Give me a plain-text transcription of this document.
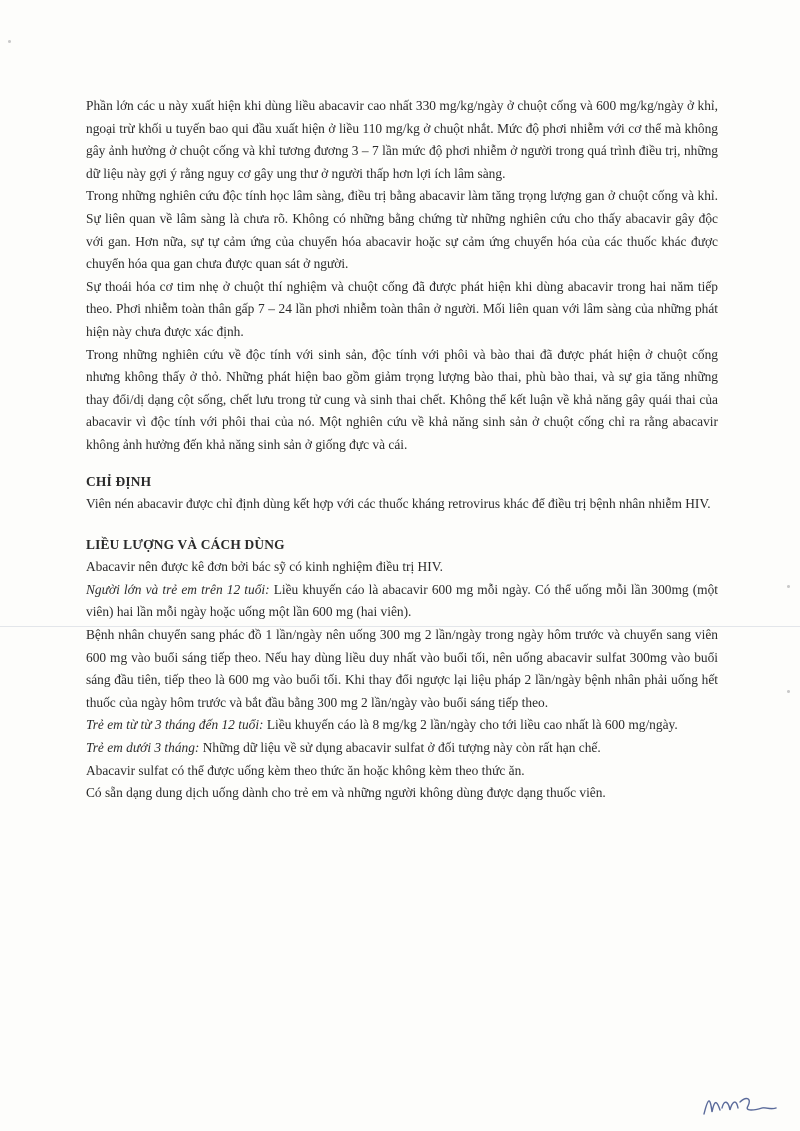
Phần lớn các u này xuất hiện khi dùng liều abacavir cao nhất 330 mg/kg/ngày ở chuột cống và 600 mg/kg/ngày ở khỉ, ngoại trừ khối u tuyến bao qui đầu xuất hiện ở liều 110 mg/kg ở chuột nhắt. Mức độ phơi nhiễm với cơ thể mà không gây ảnh hưởng ở chuột cống và khỉ tương đương 3 – 7 lần mức độ phơi nhiễm ở người trong quá trình điều trị, những dữ liệu này gợi ý rằng nguy cơ gây ung thư ở người thấp hơn lợi ích lâm sàng.

Trong những nghiên cứu độc tính học lâm sàng, điều trị bằng abacavir làm tăng trọng lượng gan ở chuột cống và khỉ. Sự liên quan về lâm sàng là chưa rõ. Không có những bằng chứng từ những nghiên cứu cho thấy abacavir gây độc với gan. Hơn nữa, sự tự cảm ứng của chuyển hóa abacavir hoặc sự cảm ứng chuyển hóa của các thuốc khác được chuyển hóa qua gan chưa được quan sát ở người.

Sự thoái hóa cơ tim nhẹ ở chuột thí nghiệm và chuột cống đã được phát hiện khi dùng abacavir trong hai năm tiếp theo. Phơi nhiễm toàn thân gấp 7 – 24 lần phơi nhiễm toàn thân ở người. Mối liên quan với lâm sàng của những phát hiện này chưa được xác định.

Trong những nghiên cứu về độc tính với sinh sản, độc tính với phôi và bào thai đã được phát hiện ở chuột cống nhưng không thấy ở thỏ. Những phát hiện bao gồm giảm trọng lượng bào thai, phù bào thai, và sự gia tăng những thay đổi/dị dạng cột sống, chết lưu trong tử cung và sinh thai chết. Không thể kết luận về khả năng gây quái thai của abacavir vì độc tính với phôi thai của nó. Một nghiên cứu về khả năng sinh sản ở chuột cống chỉ ra rằng abacavir không ảnh hưởng đến khả năng sinh sản ở giống đực và cái.

CHỈ ĐỊNH

Viên nén abacavir được chỉ định dùng kết hợp với các thuốc kháng retrovirus khác để điều trị bệnh nhân nhiễm HIV.

LIỀU LƯỢNG VÀ CÁCH DÙNG

Abacavir nên được kê đơn bởi bác sỹ có kinh nghiệm điều trị HIV.

Người lớn và trẻ em trên 12 tuổi: Liều khuyến cáo là abacavir 600 mg mỗi ngày. Có thể uống mỗi lần 300mg (một viên) hai lần mỗi ngày hoặc uống một lần 600 mg (hai viên).

Bệnh nhân chuyển sang phác đồ 1 lần/ngày nên uống 300 mg 2 lần/ngày trong ngày hôm trước và chuyển sang viên 600 mg vào buổi sáng tiếp theo. Nếu hay dùng liều duy nhất vào buổi tối, nên uống abacavir sulfat 300mg vào buổi sáng đầu tiên, tiếp theo là 600 mg vào buổi tối. Khi thay đổi ngược lại liệu pháp 2 lần/ngày bệnh nhân phải uống hết thuốc của ngày hôm trước và bắt đầu bằng 300 mg 2 lần/ngày vào buổi sáng tiếp theo.

Trẻ em từ từ 3 tháng đến 12 tuổi: Liều khuyến cáo là 8 mg/kg 2 lần/ngày cho tới liều cao nhất là 600 mg/ngày.

Trẻ em dưới 3 tháng: Những dữ liệu về sử dụng abacavir sulfat ở đối tượng này còn rất hạn chế.

Abacavir sulfat có thể được uống kèm theo thức ăn hoặc không kèm theo thức ăn.

Có sẵn dạng dung dịch uống dành cho trẻ em và những người không dùng được dạng thuốc viên.
